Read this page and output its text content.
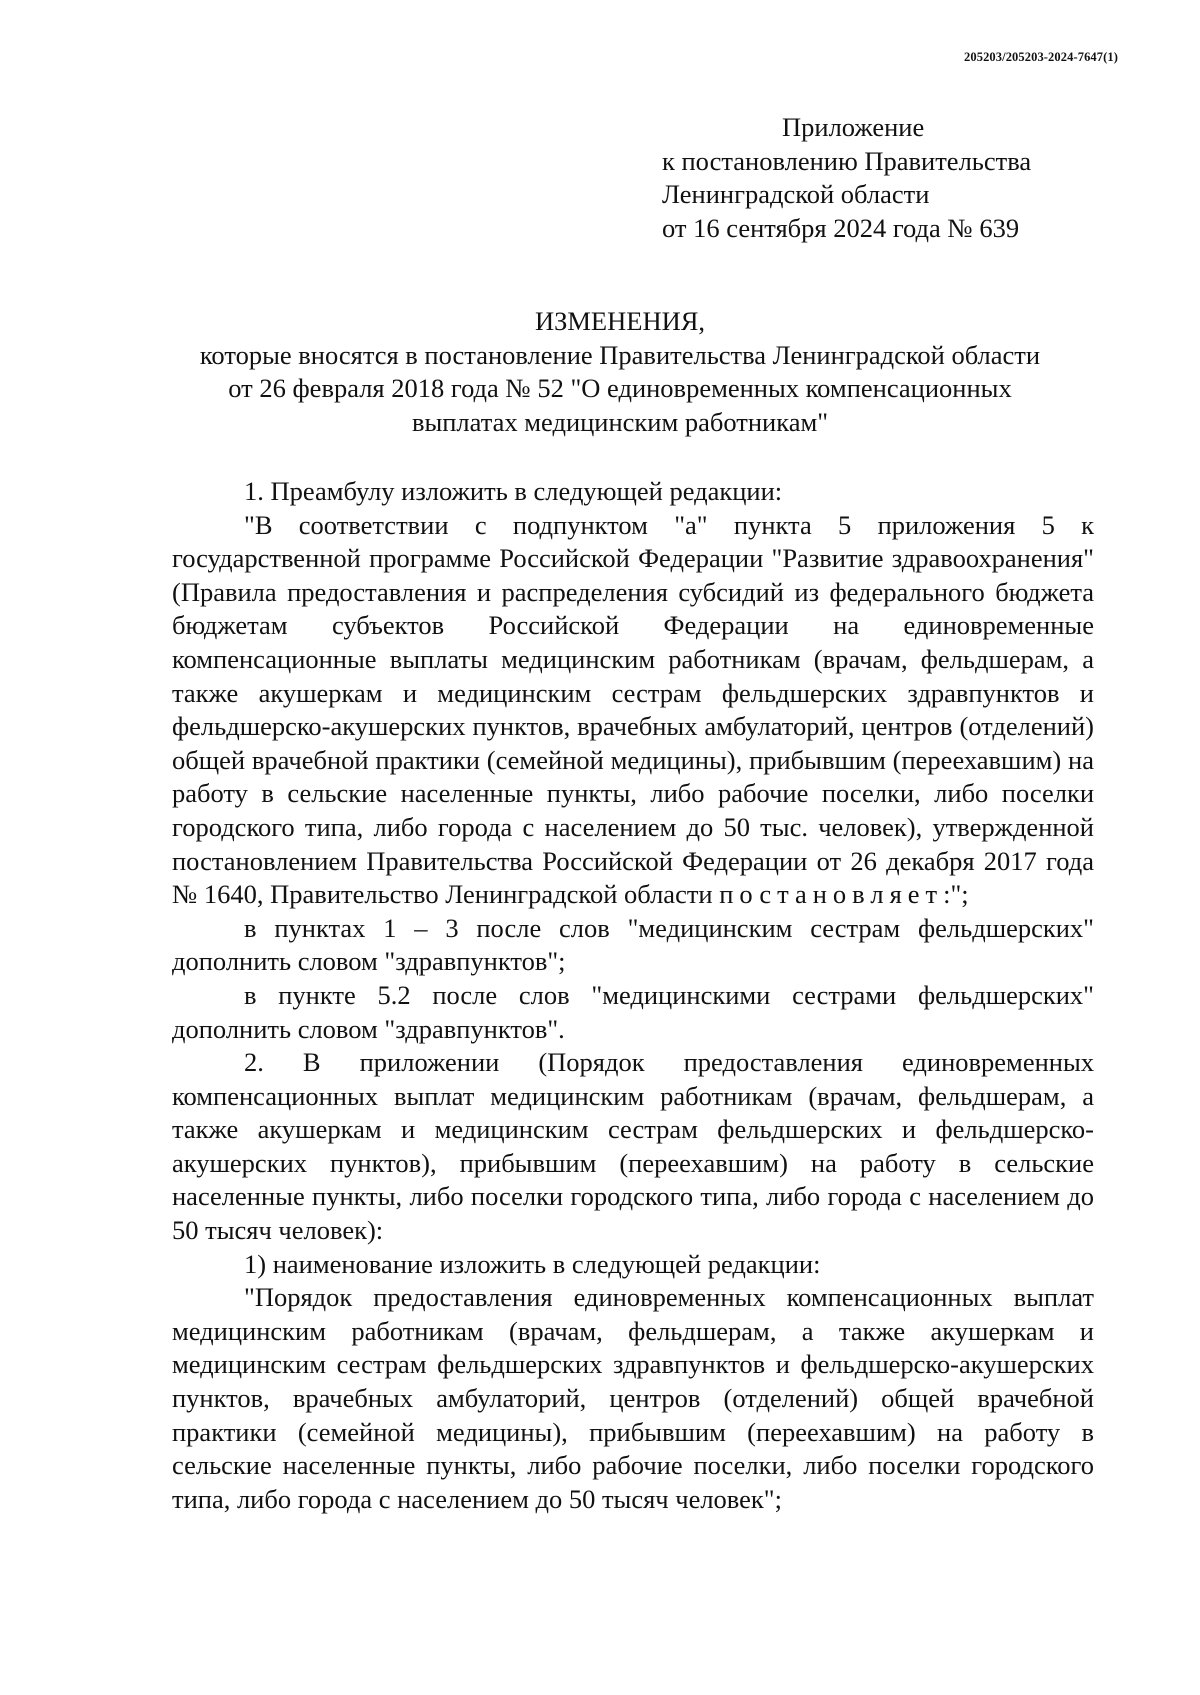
205203/205203-2024-7647(1)
Приложение
к постановлению Правительства
Ленинградской области
от 16 сентября 2024 года № 639
ИЗМЕНЕНИЯ,
которые вносятся в постановление Правительства Ленинградской области
от 26 февраля 2018 года № 52 "О единовременных компенсационных
выплатах медицинским работникам"

1. Преамбулу изложить в следующей редакции:

"В соответствии с подпунктом "а" пункта 5 приложения 5 к государственной программе Российской Федерации "Развитие здравоохранения" (Правила предоставления и распределения субсидий из федерального бюджета бюджетам субъектов Российской Федерации на единовременные компенсационные выплаты медицинским работникам (врачам, фельдшерам, а также акушеркам и медицинским сестрам фельдшерских здравпунктов и фельдшерско-акушерских пунктов, врачебных амбулаторий, центров (отделений) общей врачебной практики (семейной медицины), прибывшим (переехавшим) на работу в сельские населенные пункты, либо рабочие поселки, либо поселки городского типа, либо города с населением до 50 тыс. человек), утвержденной постановлением Правительства Российской Федерации от 26 декабря 2017 года № 1640, Правительство Ленинградской области постановляет:";

в пунктах 1 – 3 после слов "медицинским сестрам фельдшерских" дополнить словом "здравпунктов";

в пункте 5.2 после слов "медицинскими сестрами фельдшерских" дополнить словом "здравпунктов".

2. В приложении (Порядок предоставления единовременных компенсационных выплат медицинским работникам (врачам, фельдшерам, а также акушеркам и медицинским сестрам фельдшерских и фельдшерско-акушерских пунктов), прибывшим (переехавшим) на работу в сельские населенные пункты, либо поселки городского типа, либо города с населением до 50 тысяч человек):

1) наименование изложить в следующей редакции:

"Порядок предоставления единовременных компенсационных выплат медицинским работникам (врачам, фельдшерам, а также акушеркам и медицинским сестрам фельдшерских здравпунктов и фельдшерско-акушерских пунктов, врачебных амбулаторий, центров (отделений) общей врачебной практики (семейной медицины), прибывшим (переехавшим) на работу в сельские населенные пункты, либо рабочие поселки, либо поселки городского типа, либо города с населением до 50 тысяч человек";
